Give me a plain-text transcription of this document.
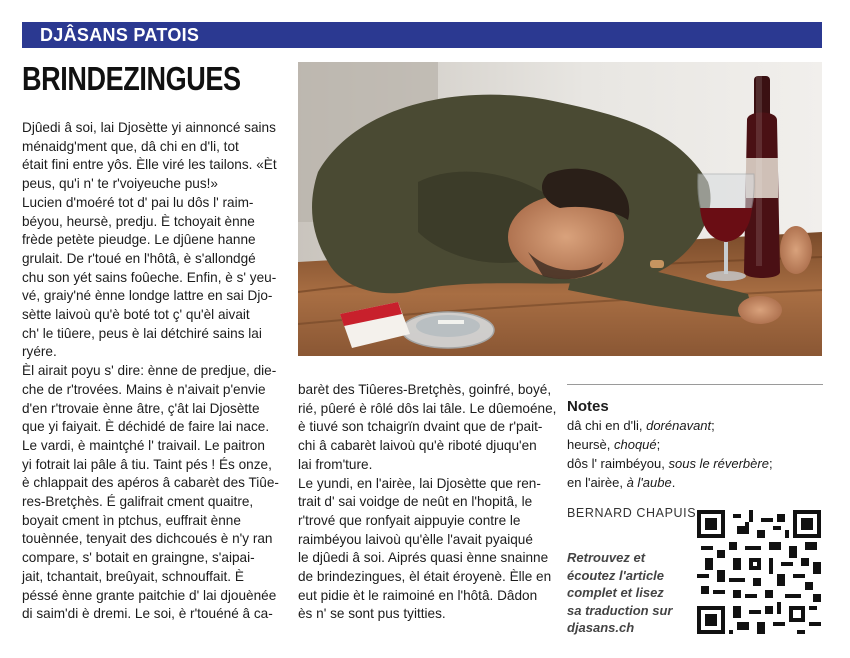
DJÂSANS PATOIS
BRINDEZINGUES

Djûedi â soi, lai Djosètte yi ainnoncé sains
ménaidg'ment que, dâ chi en d'li, tot
était fini entre yôs. Èlle viré les tailons. «Èt
peus, qu'i n' te r'voiyeuche pus!»
Lucien d'moéré tot d' pai lu dôs l' raim-
béyou, heursè, predju. È tchoyait ènne
frède petète pieudge. Le djûene hanne
grulait. De r'toué en l'hôtâ, è s'allondgé
chu son yét sains foûeche. Enfin, è s' yeu-
vé, graiy'né ènne londge lattre en sai Djo-
sètte laivoù qu'è boté tot ç' qu'èl aivait
ch' le tiûere, peus è lai détchiré sains lai
ryére.

Èl airait poyu s' dire: ènne de predjue, die-
che de r'trovées. Mains è n'aivait p'envie
d'en r'trovaie ènne âtre, ç'ât lai Djosètte
que yi faiyait. È déchidé de faire lai nace.
Le vardi, è maintçhé l' traivail. Le paitron
yi fotrait lai pâle â tiu. Taint pés ! És onze,
è chlappait des apéros â cabarèt des Tiûe-
res-Bretçhès. É galifrait cment quaitre,
boyait cment ìn ptchus, euffrait ènne
touènnée, tenyait des dichcoués è n'y ran
compare, s' botait en graingne, s'aipai-
jait, tchantait, breûyait, schnouffait. È
péssé ènne grante paitchie d' lai djouènée
di saim'di è dremi. Le soi, è r'touéné â ca-

barèt des Tiûeres-Bretçhès, goinfré, boyé,
rié, pûeré è rôlé dôs lai tâle. Le dûemoéne,
è tiuvé son tchaigrïn dvaint que de r'pait-
chi â cabarèt laivoù qu'è riboté djuqu'en
lai from'ture.

Le yundi, en l'airèe, lai Djosètte que ren-
trait d' sai voidge de neût en l'hopitâ, le
r'trové que ronfyait aippuyie contre le
raimbéyou laivoù qu'èlle l'avait pyaiqué
le djûedi â soi. Aiprés quasi ènne snainne
de brindezingues, èl était éroyenè. Èlle en
eut pidie èt le raimoiné en l'hôtâ. Dâdon
ès n' se sont pus tyitties.

Notes
dâ chi en d'li, dorénavant;
heursè, choqué;
dôs l' raimbéyou, sous le réverbère;
en l'airèe, à l'aube.
BERNARD CHAPUIS
Retrouvez et
écoutez l'article
complet et lisez
sa traduction sur
djasans.ch
